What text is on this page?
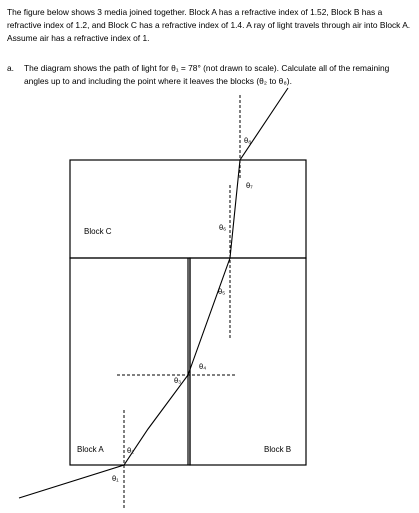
The figure below shows 3 media joined together. Block A has a refractive index of 1.52, Block B has a refractive index of 1.2, and Block C has a refractive index of 1.4. A ray of light travels through air into Block A. Assume air has a refractive index of 1.

a. The diagram shows the path of light for θ₁ = 78° (not drawn to scale). Calculate all of the remaining angles up to and including the point where it leaves the blocks (θ₂ to θ₈).
θ₁
θ₂
θ₃
θ₄
θ₅
θ₆
θ₇
θ₈
Block C
Block A	Block B
